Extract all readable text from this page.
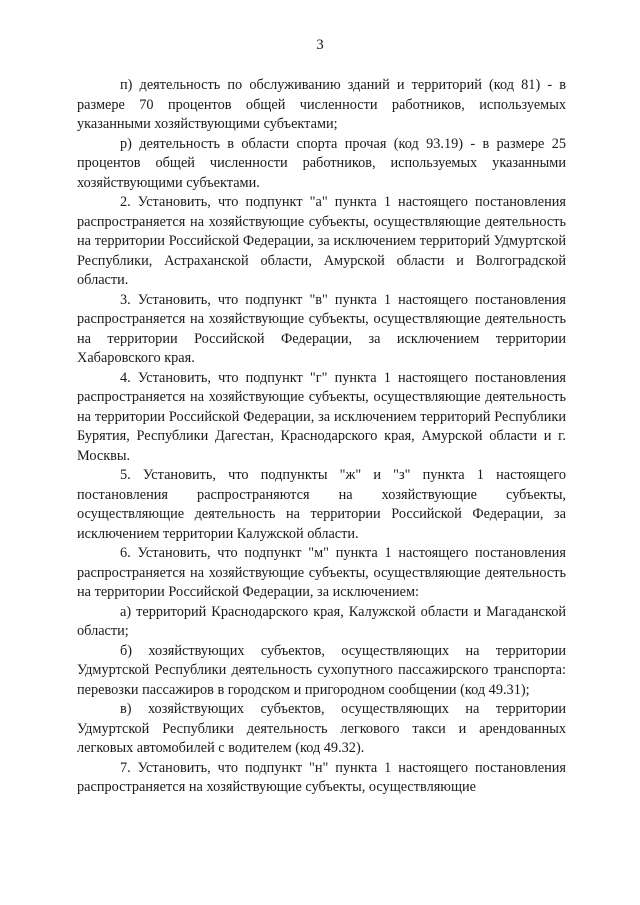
3

п) деятельность по обслуживанию зданий и территорий (код 81) - в размере 70 процентов общей численности работников, используемых указанными хозяйствующими субъектами;

р) деятельность в области спорта прочая (код 93.19) - в размере 25 процентов общей численности работников, используемых указанными хозяйствующими субъектами.

2. Установить, что подпункт "а" пункта 1 настоящего постановления распространяется на хозяйствующие субъекты, осуществляющие деятельность на территории Российской Федерации, за исключением территорий Удмуртской Республики, Астраханской области, Амурской области и Волгоградской области.

3. Установить, что подпункт "в" пункта 1 настоящего постановления распространяется на хозяйствующие субъекты, осуществляющие деятельность на территории Российской Федерации, за исключением территории Хабаровского края.

4. Установить, что подпункт "г" пункта 1 настоящего постановления распространяется на хозяйствующие субъекты, осуществляющие деятельность на территории Российской Федерации, за исключением территорий Республики Бурятия, Республики Дагестан, Краснодарского края, Амурской области и г. Москвы.

5. Установить, что подпункты "ж" и "з" пункта 1 настоящего постановления распространяются на хозяйствующие субъекты, осуществляющие деятельность на территории Российской Федерации, за исключением территории Калужской области.

6. Установить, что подпункт "м" пункта 1 настоящего постановления распространяется на хозяйствующие субъекты, осуществляющие деятельность на территории Российской Федерации, за исключением:

а) территорий Краснодарского края, Калужской области и Магаданской области;

б) хозяйствующих субъектов, осуществляющих на территории Удмуртской Республики деятельность сухопутного пассажирского транспорта: перевозки пассажиров в городском и пригородном сообщении (код 49.31);

в) хозяйствующих субъектов, осуществляющих на территории Удмуртской Республики деятельность легкового такси и арендованных легковых автомобилей с водителем (код 49.32).

7. Установить, что подпункт "н" пункта 1 настоящего постановления распространяется на хозяйствующие субъекты, осуществляющие
